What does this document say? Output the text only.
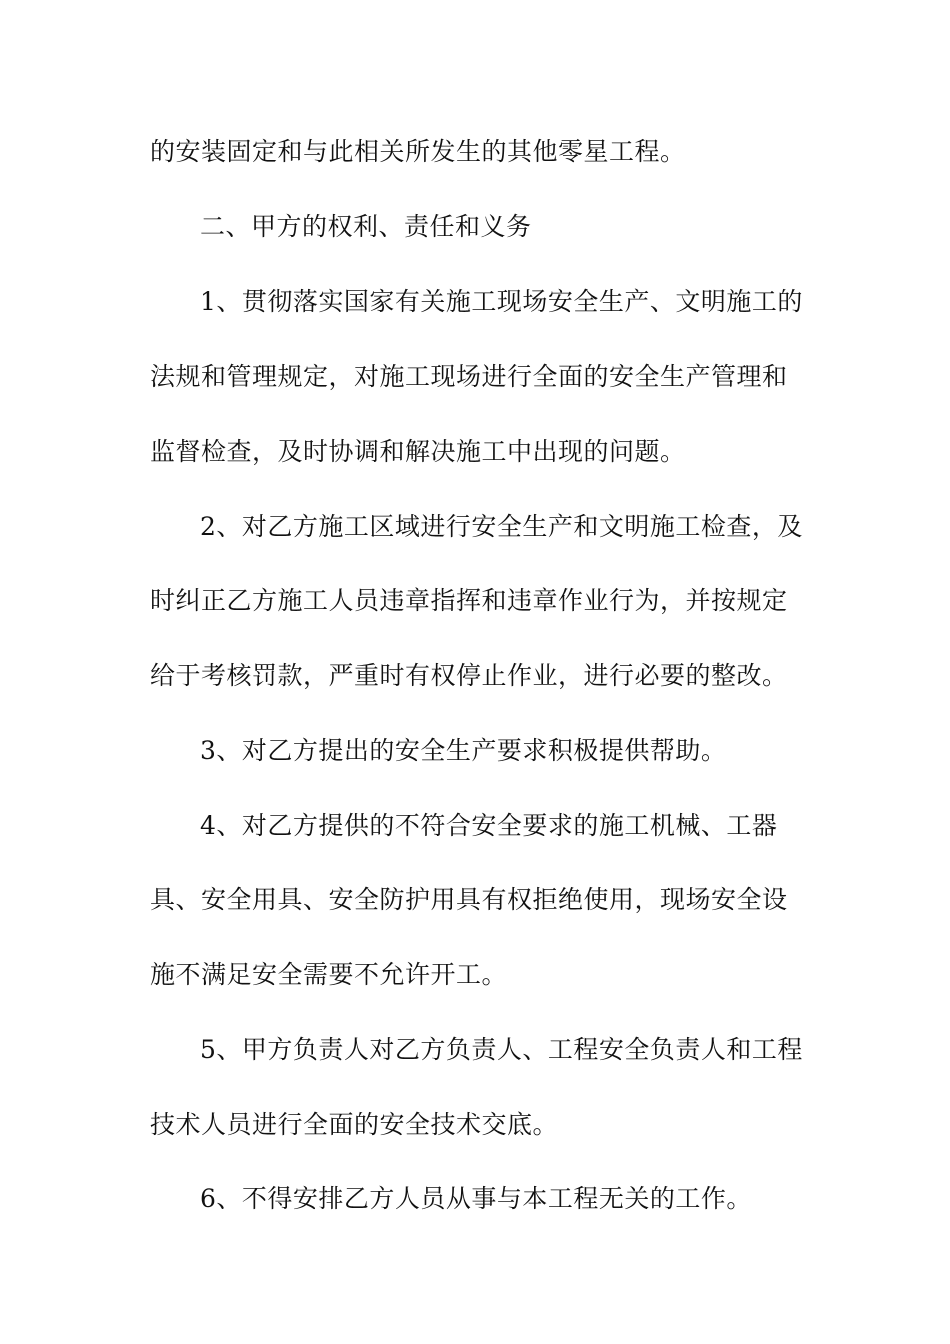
的安装固定和与此相关所发生的其他零星工程。
二、甲方的权利、责任和义务
1、贯彻落实国家有关施工现场安全生产、文明施工的
法规和管理规定，对施工现场进行全面的安全生产管理和
监督检查，及时协调和解决施工中出现的问题。
2、对乙方施工区域进行安全生产和文明施工检查，及
时纠正乙方施工人员违章指挥和违章作业行为，并按规定
给于考核罚款，严重时有权停止作业，进行必要的整改。
3、对乙方提出的安全生产要求积极提供帮助。
4、对乙方提供的不符合安全要求的施工机械、工器
具、安全用具、安全防护用具有权拒绝使用，现场安全设
施不满足安全需要不允许开工。
5、甲方负责人对乙方负责人、工程安全负责人和工程
技术人员进行全面的安全技术交底。
6、不得安排乙方人员从事与本工程无关的工作。
